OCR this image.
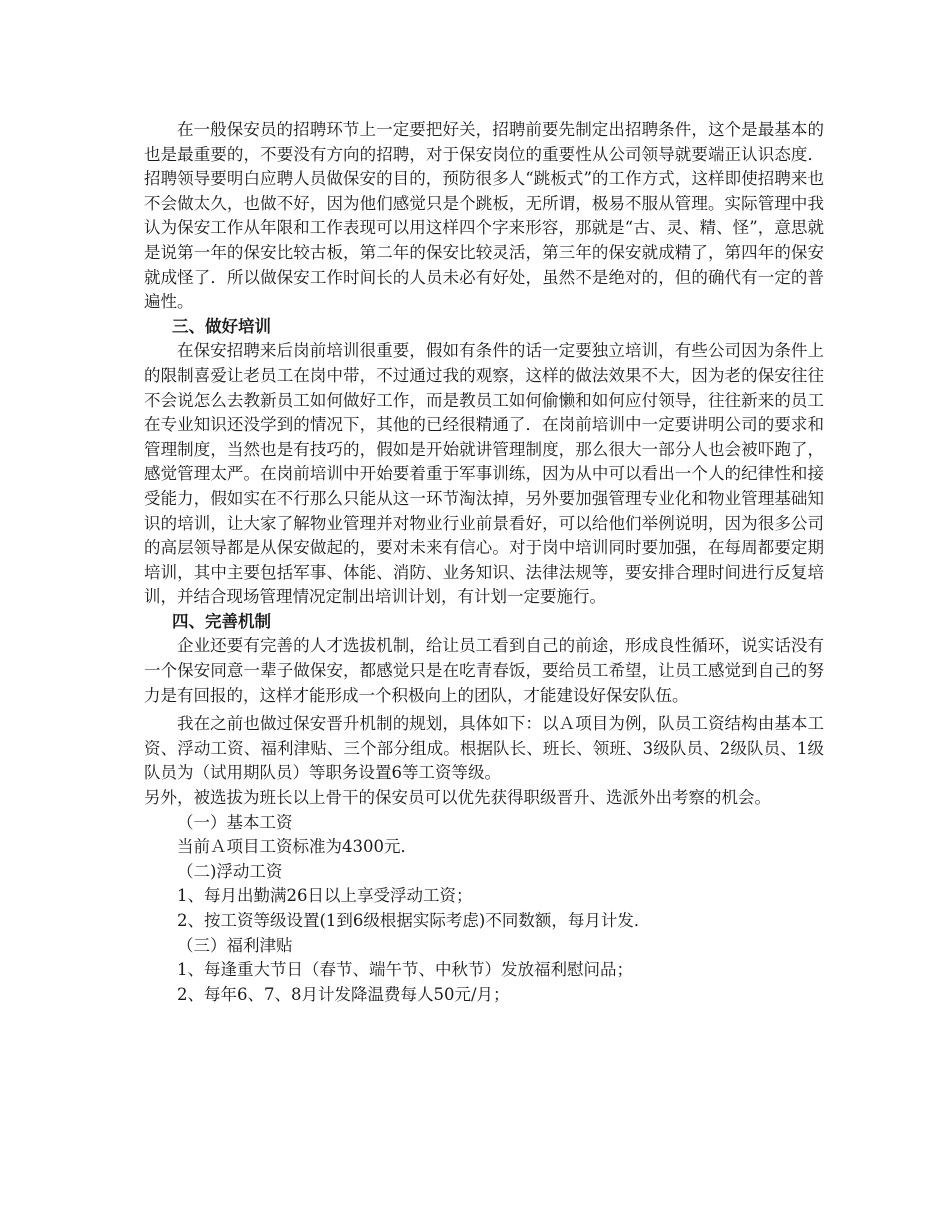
在一般保安员的招聘环节上一定要把好关，招聘前要先制定出招聘条件，这个是最基本的也是最重要的，不要没有方向的招聘，对于保安岗位的重要性从公司领导就要端正认识态度．招聘领导要明白应聘人员做保安的目的，预防很多人“跳板式”的工作方式，这样即使招聘来也不会做太久，也做不好，因为他们感觉只是个跳板，无所谓，极易不服从管理。实际管理中我认为保安工作从年限和工作表现可以用这样四个字来形容，那就是“古、灵、精、怪”，意思就是说第一年的保安比较古板，第二年的保安比较灵活，第三年的保安就成精了，第四年的保安就成怪了．所以做保安工作时间长的人员未必有好处，虽然不是绝对的，但的确代有一定的普遍性。

三、做好培训

在保安招聘来后岗前培训很重要，假如有条件的话一定要独立培训，有些公司因为条件上的限制喜爱让老员工在岗中带，不过通过我的观察，这样的做法效果不大，因为老的保安往往不会说怎么去教新员工如何做好工作，而是教员工如何偷懒和如何应付领导，往往新来的员工在专业知识还没学到的情况下，其他的已经很精通了．在岗前培训中一定要讲明公司的要求和管理制度，当然也是有技巧的，假如是开始就讲管理制度，那么很大一部分人也会被吓跑了，感觉管理太严。在岗前培训中开始要着重于军事训练，因为从中可以看出一个人的纪律性和接受能力，假如实在不行那么只能从这一环节淘汰掉，另外要加强管理专业化和物业管理基础知识的培训，让大家了解物业管理并对物业行业前景看好，可以给他们举例说明，因为很多公司的高层领导都是从保安做起的，要对未来有信心。对于岗中培训同时要加强，在每周都要定期培训，其中主要包括军事、体能、消防、业务知识、法律法规等，要安排合理时间进行反复培训，并结合现场管理情况定制出培训计划，有计划一定要施行。

四、完善机制

企业还要有完善的人才选拔机制，给让员工看到自己的前途，形成良性循环，说实话没有一个保安同意一辈子做保安，都感觉只是在吃青春饭，要给员工希望，让员工感觉到自己的努力是有回报的，这样才能形成一个积极向上的团队，才能建设好保安队伍。

我在之前也做过保安晋升机制的规划，具体如下：以Ａ项目为例，队员工资结构由基本工资、浮动工资、福利津贴、三个部分组成。根据队长、班长、领班、3级队员、2级队员、1级队员为（试用期队员）等职务设置6等工资等级。

另外，被选拔为班长以上骨干的保安员可以优先获得职级晋升、选派外出考察的机会。

（一）基本工资

当前Ａ项目工资标准为4300元．

（二)浮动工资

1、每月出勤满26日以上享受浮动工资；

2、按工资等级设置(1到6级根据实际考虑)不同数额，每月计发．

（三）福利津贴

1、每逢重大节日（春节、端午节、中秋节）发放福利慰问品；

2、每年6、7、8月计发降温费每人50元/月；
